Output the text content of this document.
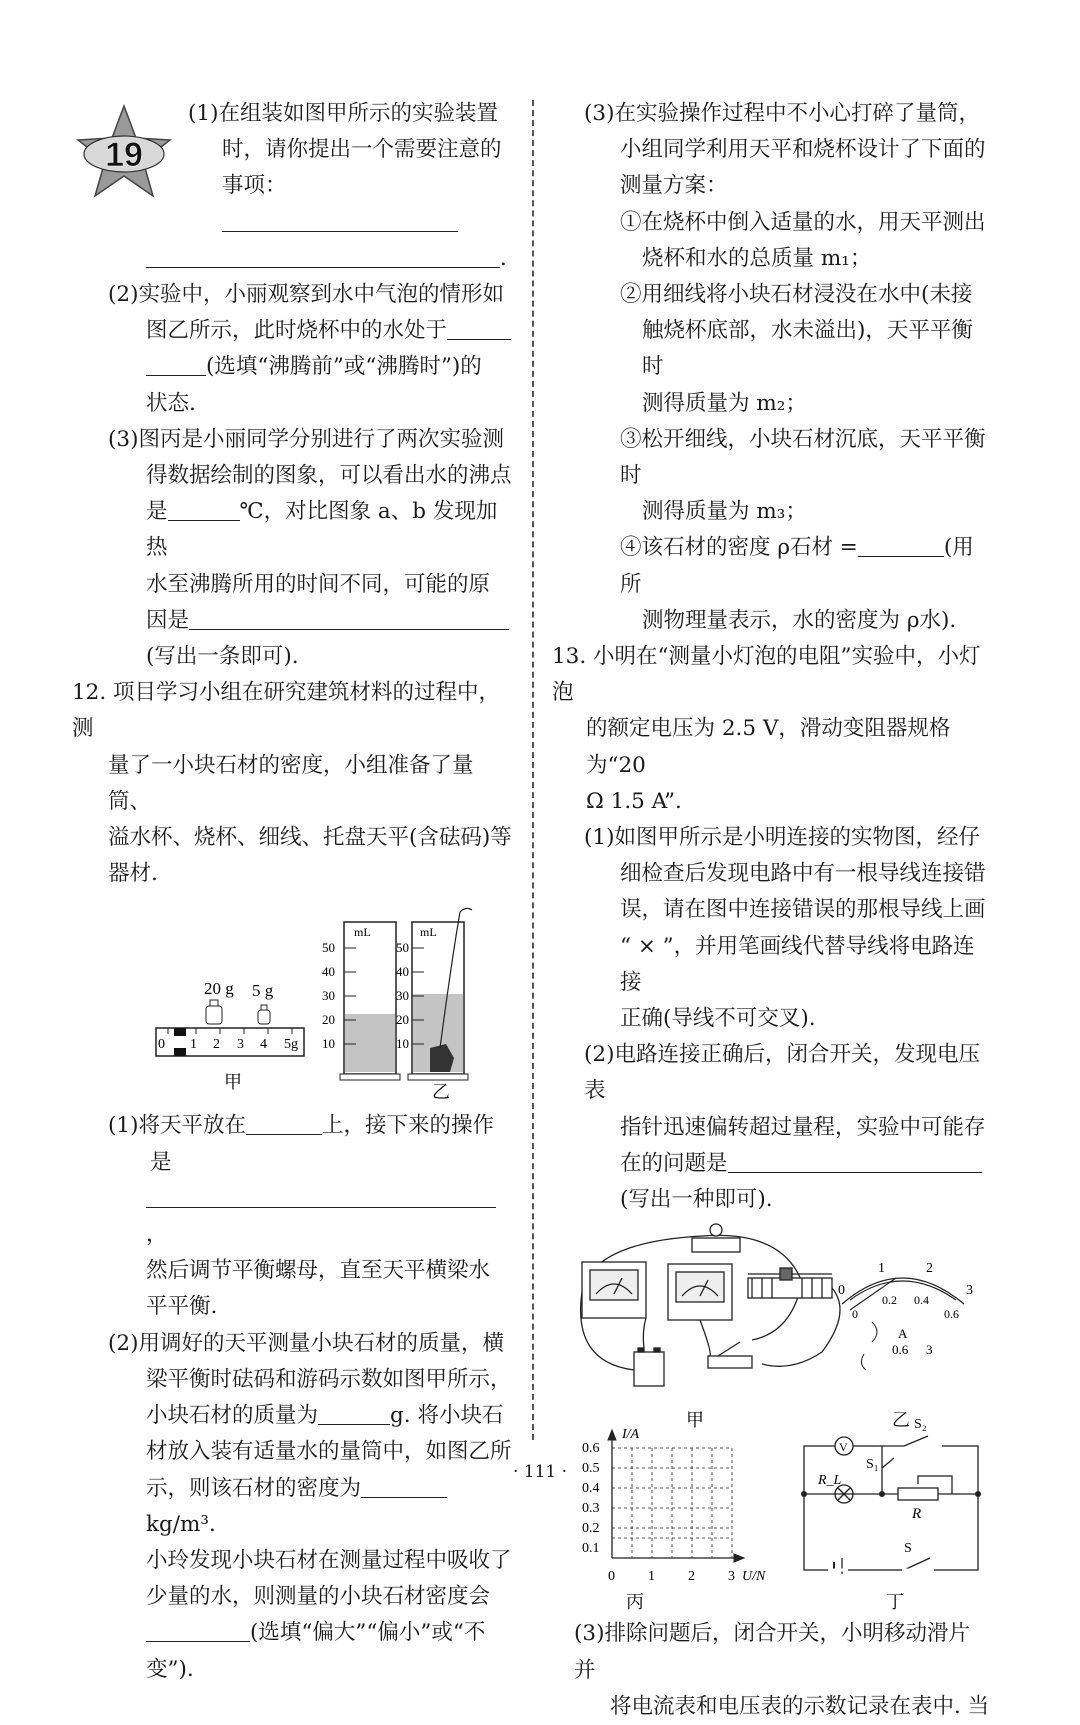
19

(1)在组装如图甲所示的实验装置

时，请你提出一个需要注意的

事项：

.

(2)实验中，小丽观察到水中气泡的情形如

图乙所示，此时烧杯中的水处于

(选填“沸腾前”或“沸腾时”)的

状态.

(3)图丙是小丽同学分别进行了两次实验测

得数据绘制的图象，可以看出水的沸点

是	℃，对比图象 a、b 发现加热

水至沸腾所用的时间不同，可能的原

因是

(写出一条即可).

12. 项目学习小组在研究建筑材料的过程中，测

量了一小块石材的密度，小组准备了量筒、

溢水杯、烧杯、细线、托盘天平(含砝码)等

器材.

20 g 5 g
0 1 2 3 4 5g
甲
mL
50
40
30
20
10
mL
50
40
30
20
10
乙

(1)将天平放在	上，接下来的操作是

，

然后调节平衡螺母，直至天平横梁水

平平衡.

(2)用调好的天平测量小块石材的质量，横

梁平衡时砝码和游码示数如图甲所示，

小块石材的质量为	g. 将小块石

材放入装有适量水的量筒中，如图乙所

示，则该石材的密度为kg/m³.

小玲发现小块石材在测量过程中吸收了

少量的水，则测量的小块石材密度会

(选填“偏大”“偏小”或“不

变”).

(3)在实验操作过程中不小心打碎了量筒，

小组同学利用天平和烧杯设计了下面的

测量方案：

①在烧杯中倒入适量的水，用天平测出

烧杯和水的总质量 m₁；

②用细线将小块石材浸没在水中(未接

触烧杯底部，水未溢出)，天平平衡时

测得质量为 m₂；

③松开细线，小块石材沉底，天平平衡时

测得质量为 m₃；

④该石材的密度 ρ石材 =	(用所

测物理量表示，水的密度为 ρ水).

13. 小明在“测量小灯泡的电阻”实验中，小灯泡

的额定电压为 2.5 V，滑动变阻器规格为“20

Ω 1.5 A”.

(1)如图甲所示是小明连接的实物图，经仔

细检查后发现电路中有一根导线连接错

误，请在图中连接错误的那根导线上画

“ × ”，并用笔画线代替导线将电路连接

正确(导线不可交叉).

(2)电路连接正确后，闭合开关，发现电压表

指针迅速偏转超过量程，实验中可能存

在的问题是

(写出一种即可).

甲
0
1	2
3
0
0.2 0.4
0.6
A
0.6 3
乙
I/A
U/N
0.6
0.5
0.4
0.3
0.2
0.1
0 1 2 3
丙
V
S₂
S₁
R_L
R
S
丁

(3)排除问题后，闭合开关，小明移动滑片并

将电流表和电压表的示数记录在表中. 当

· 111 ·
